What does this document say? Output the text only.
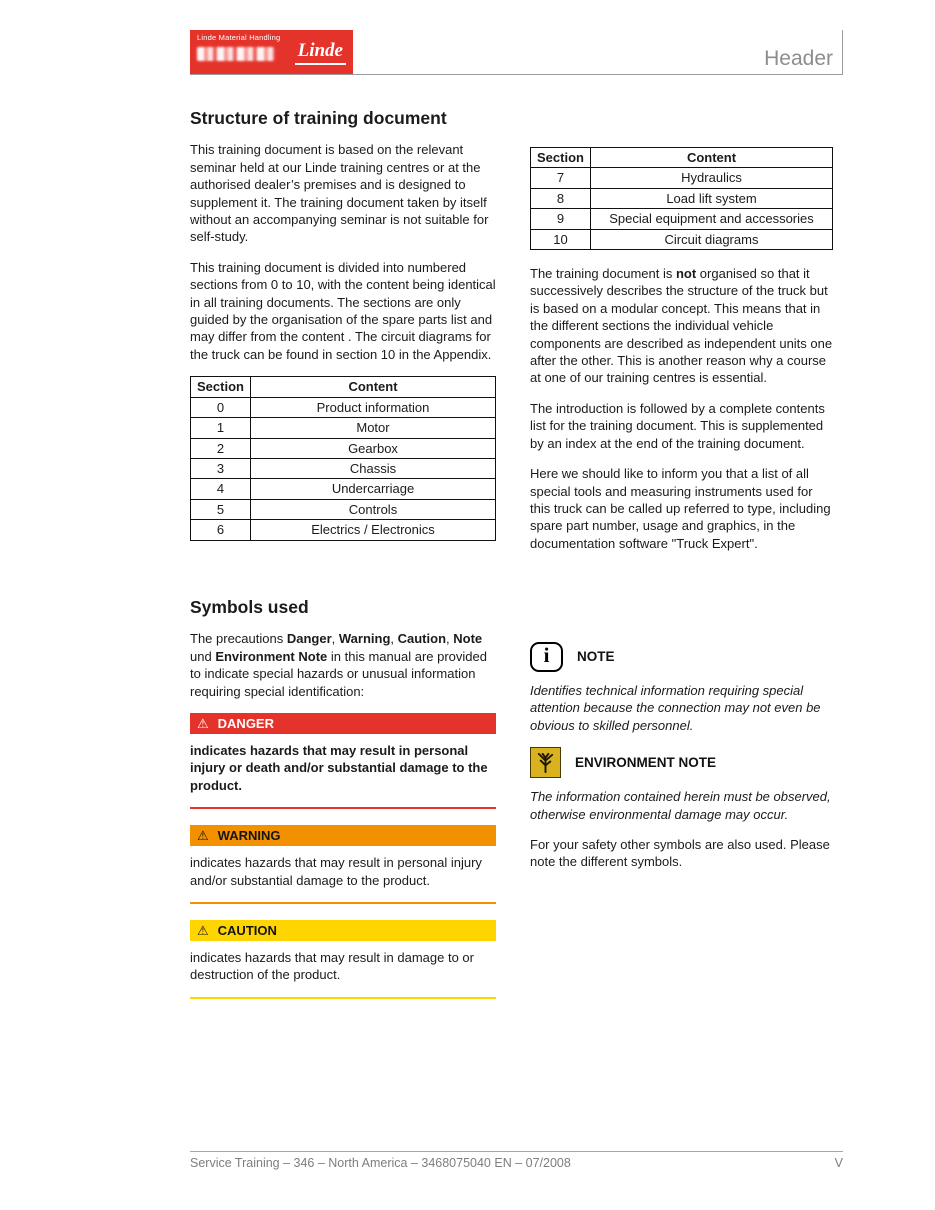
Linde Material Handling
Linde	Header
Structure of training document

This training document is based on the relevant seminar held at our Linde training centres or at the authorised dealer’s premises and is designed to supplement it. The training document taken by itself without an accompanying seminar is not suitable for self-study.

This training document is divided into numbered sections from 0 to 10, with the content being identical in all training documents. The sections are only guided by the organisation of the spare parts list and may differ from the content . The circuit diagrams for the truck can be found in section 10 in the Appendix.

Section	Content
0	Product information
1	Motor
2	Gearbox
3	Chassis
4	Undercarriage
5	Controls
6	Electrics / Electronics
Section	Content
7	Hydraulics
8	Load lift system
9	Special equipment and accessories
10	Circuit diagrams

The training document is not organised so that it successively describes the structure of the truck but is based on a modular concept. This means that in the different sections the individual vehicle components are described as independent units one after the other. This is another reason why a course at one of our training centres is essential.

The introduction is followed by a complete contents list for the training document. This is supplemented by an index at the end of the training document.

Here we should like to inform you that a list of all special tools and measuring instruments used for this truck can be called up referred to type, including spare part number, usage and graphics, in the documentation software "Truck Expert".

Symbols used

The precautions Danger, Warning, Caution, Note und Environment Note in this manual are provided to indicate special hazards or unusual information requiring special identification:

⚠ DANGER

indicates hazards that may result in personal injury or death and/or substantial damage to the product.

⚠ WARNING

indicates hazards that may result in personal injury and/or substantial damage to the product.

⚠ CAUTION

indicates hazards that may result in damage to or destruction of the product.

i	NOTE

Identifies technical information requiring special attention because the connection may not even be obvious to skilled personnel.

ENVIRONMENT NOTE

The information contained herein must be observed, otherwise environmental damage may occur.

For your safety other symbols are also used. Please note the different symbols.

Service Training – 346 – North America – 3468075040 EN – 07/2008	V
